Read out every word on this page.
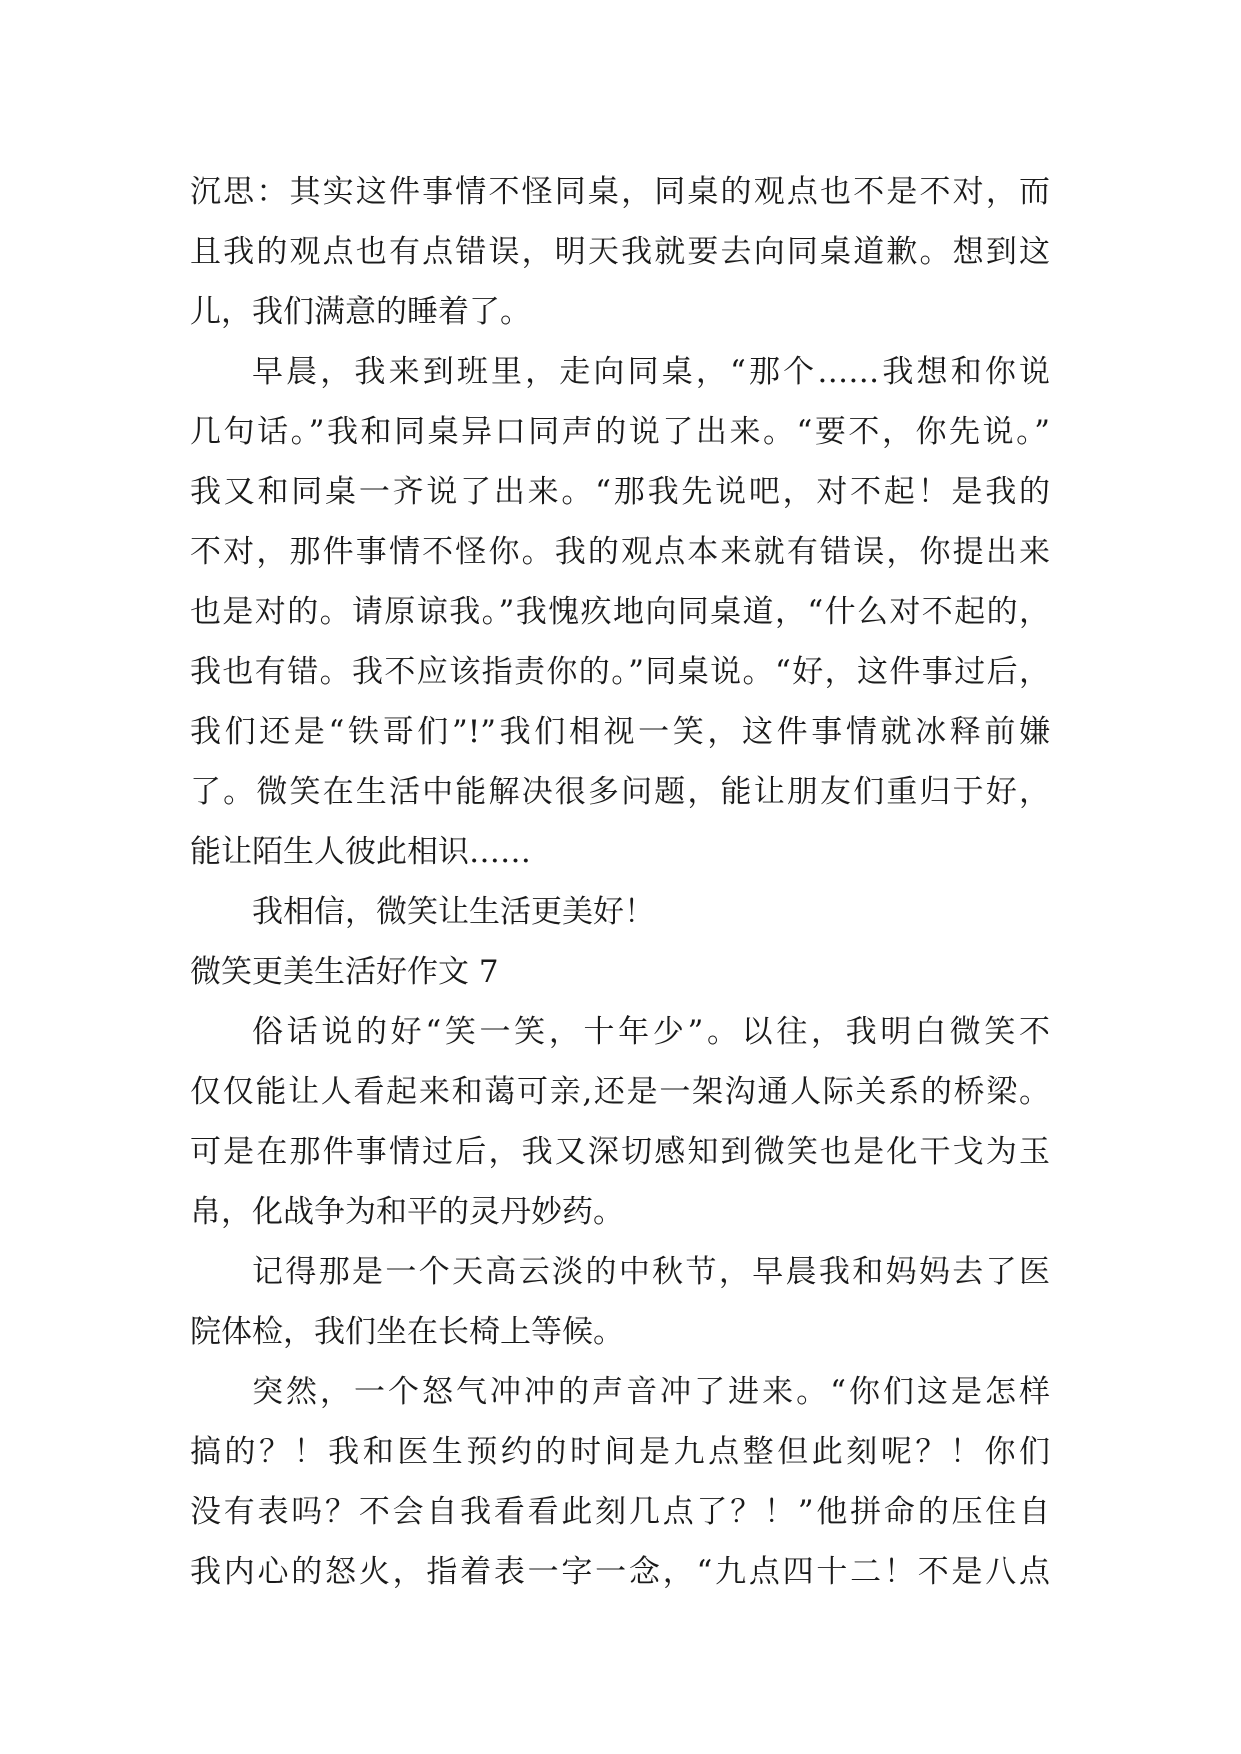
沉思：其实这件事情不怪同桌，同桌的观点也不是不对，而
且我的观点也有点错误，明天我就要去向同桌道歉。想到这
儿，我们满意的睡着了。
早晨，我来到班里，走向同桌，“那个……我想和你说
几句话。”我和同桌异口同声的说了出来。“要不，你先说。”
我又和同桌一齐说了出来。“那我先说吧，对不起！是我的
不对，那件事情不怪你。我的观点本来就有错误，你提出来
也是对的。请原谅我。”我愧疚地向同桌道，“什么对不起的，
我也有错。我不应该指责你的。”同桌说。“好，这件事过后，
我们还是“铁哥们”!”我们相视一笑，这件事情就冰释前嫌
了。微笑在生活中能解决很多问题，能让朋友们重归于好，
能让陌生人彼此相识……
我相信，微笑让生活更美好！
微笑更美生活好作文 7
俗话说的好“笑一笑，十年少”。以往，我明白微笑不
仅仅能让人看起来和蔼可亲,还是一架沟通人际关系的桥梁。
可是在那件事情过后，我又深切感知到微笑也是化干戈为玉
帛，化战争为和平的灵丹妙药。
记得那是一个天高云淡的中秋节，早晨我和妈妈去了医
院体检，我们坐在长椅上等候。
突然，一个怒气冲冲的声音冲了进来。“你们这是怎样
搞的？！我和医生预约的时间是九点整但此刻呢？！你们
没有表吗？不会自我看看此刻几点了？！”他拼命的压住自
我内心的怒火，指着表一字一念，“九点四十二！不是八点
